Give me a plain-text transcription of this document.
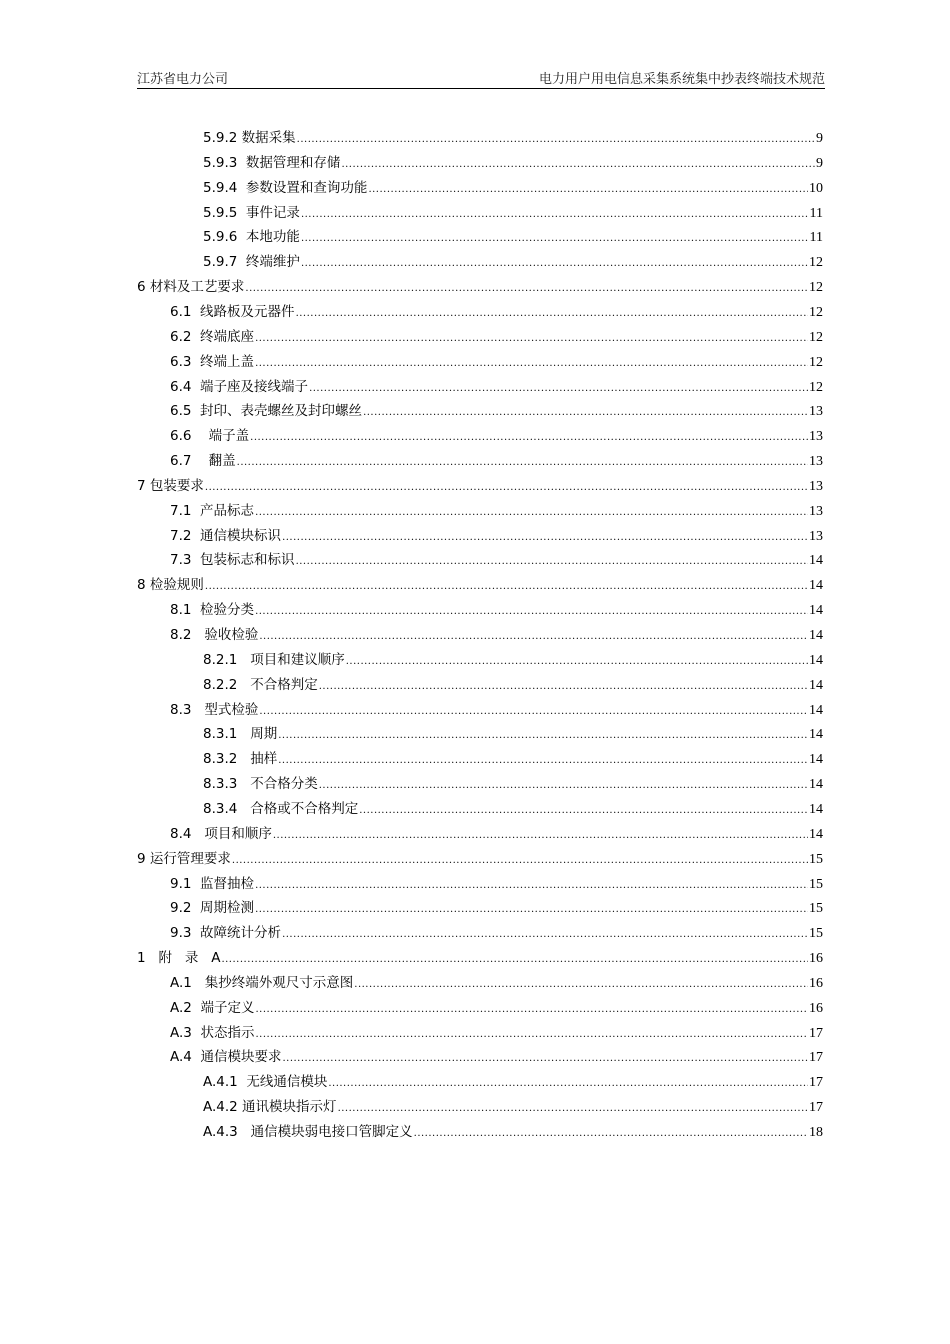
江苏省电力公司	电力用户用电信息采集系统集中抄表终端技术规范
5.9.2 数据采集 .....	9
5.9.3  数据管理和存储 .....	9
5.9.4  参数设置和查询功能 .....	10
5.9.5  事件记录 .....	11
5.9.6  本地功能 .....	11
5.9.7  终端维护 .....	12
6 材料及工艺要求 .....	12
6.1  线路板及元器件 .....	12
6.2  终端底座 .....	12
6.3  终端上盖 .....	12
6.4  端子座及接线端子 .....	12
6.5  封印、表壳螺丝及封印螺丝 .....	13
6.6    端子盖 .....	13
6.7    翻盖 .....	13
7 包装要求 .....	13
7.1  产品标志 .....	13
7.2  通信模块标识 .....	13
7.3  包装标志和标识 .....	14
8 检验规则 .....	14
8.1  检验分类 .....	14
8.2   验收检验 .....	14
8.2.1   项目和建议顺序 .....	14
8.2.2   不合格判定 .....	14
8.3   型式检验 .....	14
8.3.1   周期 .....	14
8.3.2   抽样 .....	14
8.3.3   不合格分类 .....	14
8.3.4   合格或不合格判定 .....	14
8.4   项目和顺序 .....	14
9 运行管理要求 .....	15
9.1  监督抽检 .....	15
9.2  周期检测 .....	15
9.3  故障统计分析 .....	15
1   附   录   A .....	16
A.1   集抄终端外观尺寸示意图 .....	16
A.2  端子定义 .....	16
A.3  状态指示 .....	17
A.4  通信模块要求 .....	17
A.4.1  无线通信模块 .....	17
A.4.2 通讯模块指示灯 .....	17
A.4.3   通信模块弱电接口管脚定义 .....	18
